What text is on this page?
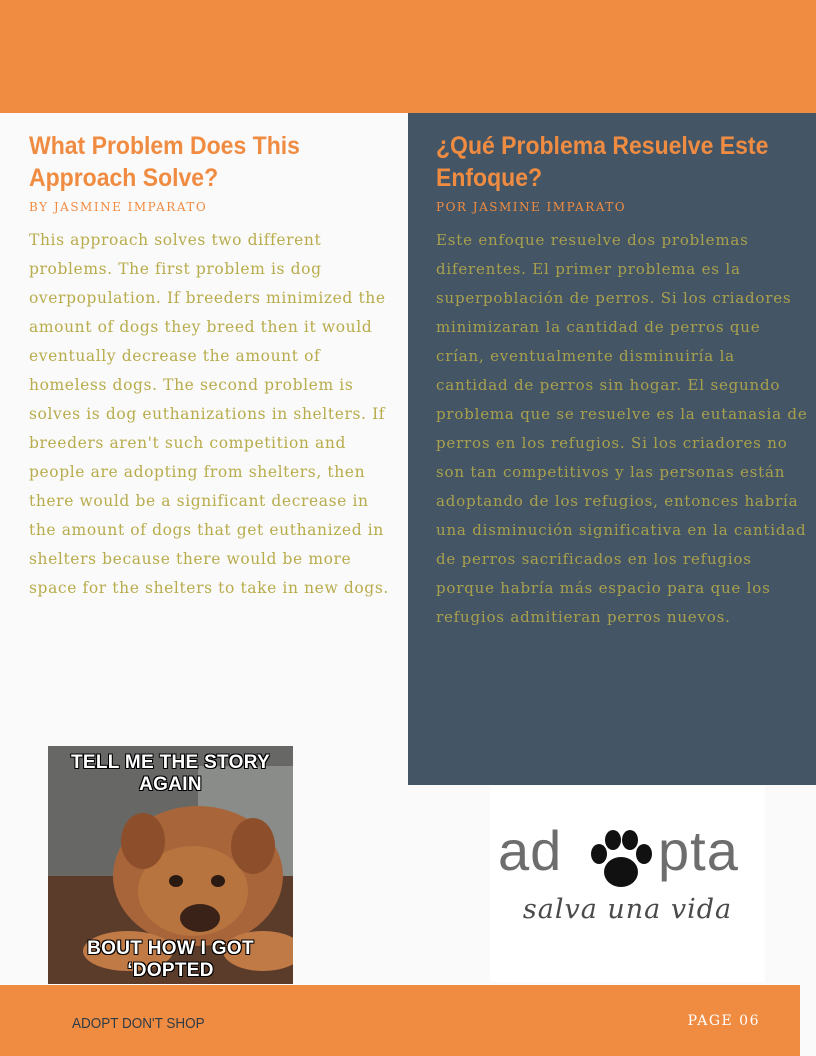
What Problem Does This Approach Solve?
BY JASMINE IMPARATO
This approach solves two different problems. The first problem is dog overpopulation. If breeders minimized the amount of dogs they breed then it would eventually decrease the amount of homeless dogs. The second problem is solves is dog euthanizations in shelters. If breeders aren't such competition and people are adopting from shelters, then there would be a significant decrease in the amount of dogs that get euthanized in shelters because there would be more space for the shelters to take in new dogs.
¿Qué Problema Resuelve Este Enfoque?
POR JASMINE IMPARATO
Este enfoque resuelve dos problemas diferentes. El primer problema es la superpoblación de perros. Si los criadores minimizaran la cantidad de perros que crían, eventualmente disminuiría la cantidad de perros sin hogar. El segundo problema que se resuelve es la eutanasia de perros en los refugios. Si los criadores no son tan competitivos y las personas están adoptando de los refugios, entonces habría una disminución significativa en la cantidad de perros sacrificados en los refugios porque habría más espacio para que los refugios admitieran perros nuevos.
TELL ME THE STORY AGAIN
BOUT HOW I GOT ‘DOPTED
ad pta
salva una vida
ADOPT DON'T SHOP	PAGE 06
